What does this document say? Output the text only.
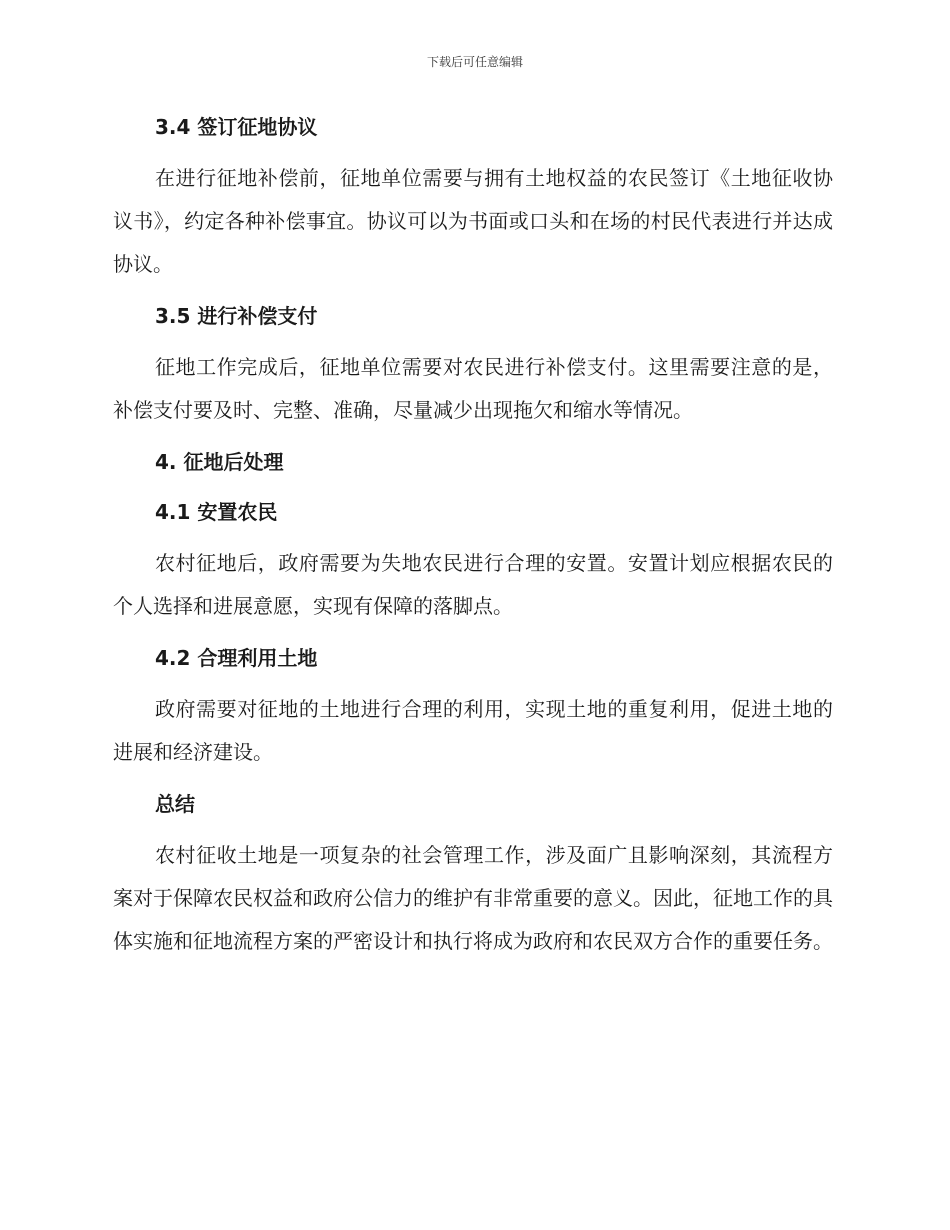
下载后可任意编辑
3.4 签订征地协议

在进行征地补偿前，征地单位需要与拥有土地权益的农民签订《土地征收协议书》，约定各种补偿事宜。协议可以为书面或口头和在场的村民代表进行并达成协议。

3.5 进行补偿支付

征地工作完成后，征地单位需要对农民进行补偿支付。这里需要注意的是，补偿支付要及时、完整、准确，尽量减少出现拖欠和缩水等情况。

4. 征地后处理
4.1 安置农民

农村征地后，政府需要为失地农民进行合理的安置。安置计划应根据农民的个人选择和进展意愿，实现有保障的落脚点。

4.2 合理利用土地

政府需要对征地的土地进行合理的利用，实现土地的重复利用，促进土地的进展和经济建设。

总结

农村征收土地是一项复杂的社会管理工作，涉及面广且影响深刻，其流程方案对于保障农民权益和政府公信力的维护有非常重要的意义。因此，征地工作的具体实施和征地流程方案的严密设计和执行将成为政府和农民双方合作的重要任务。
